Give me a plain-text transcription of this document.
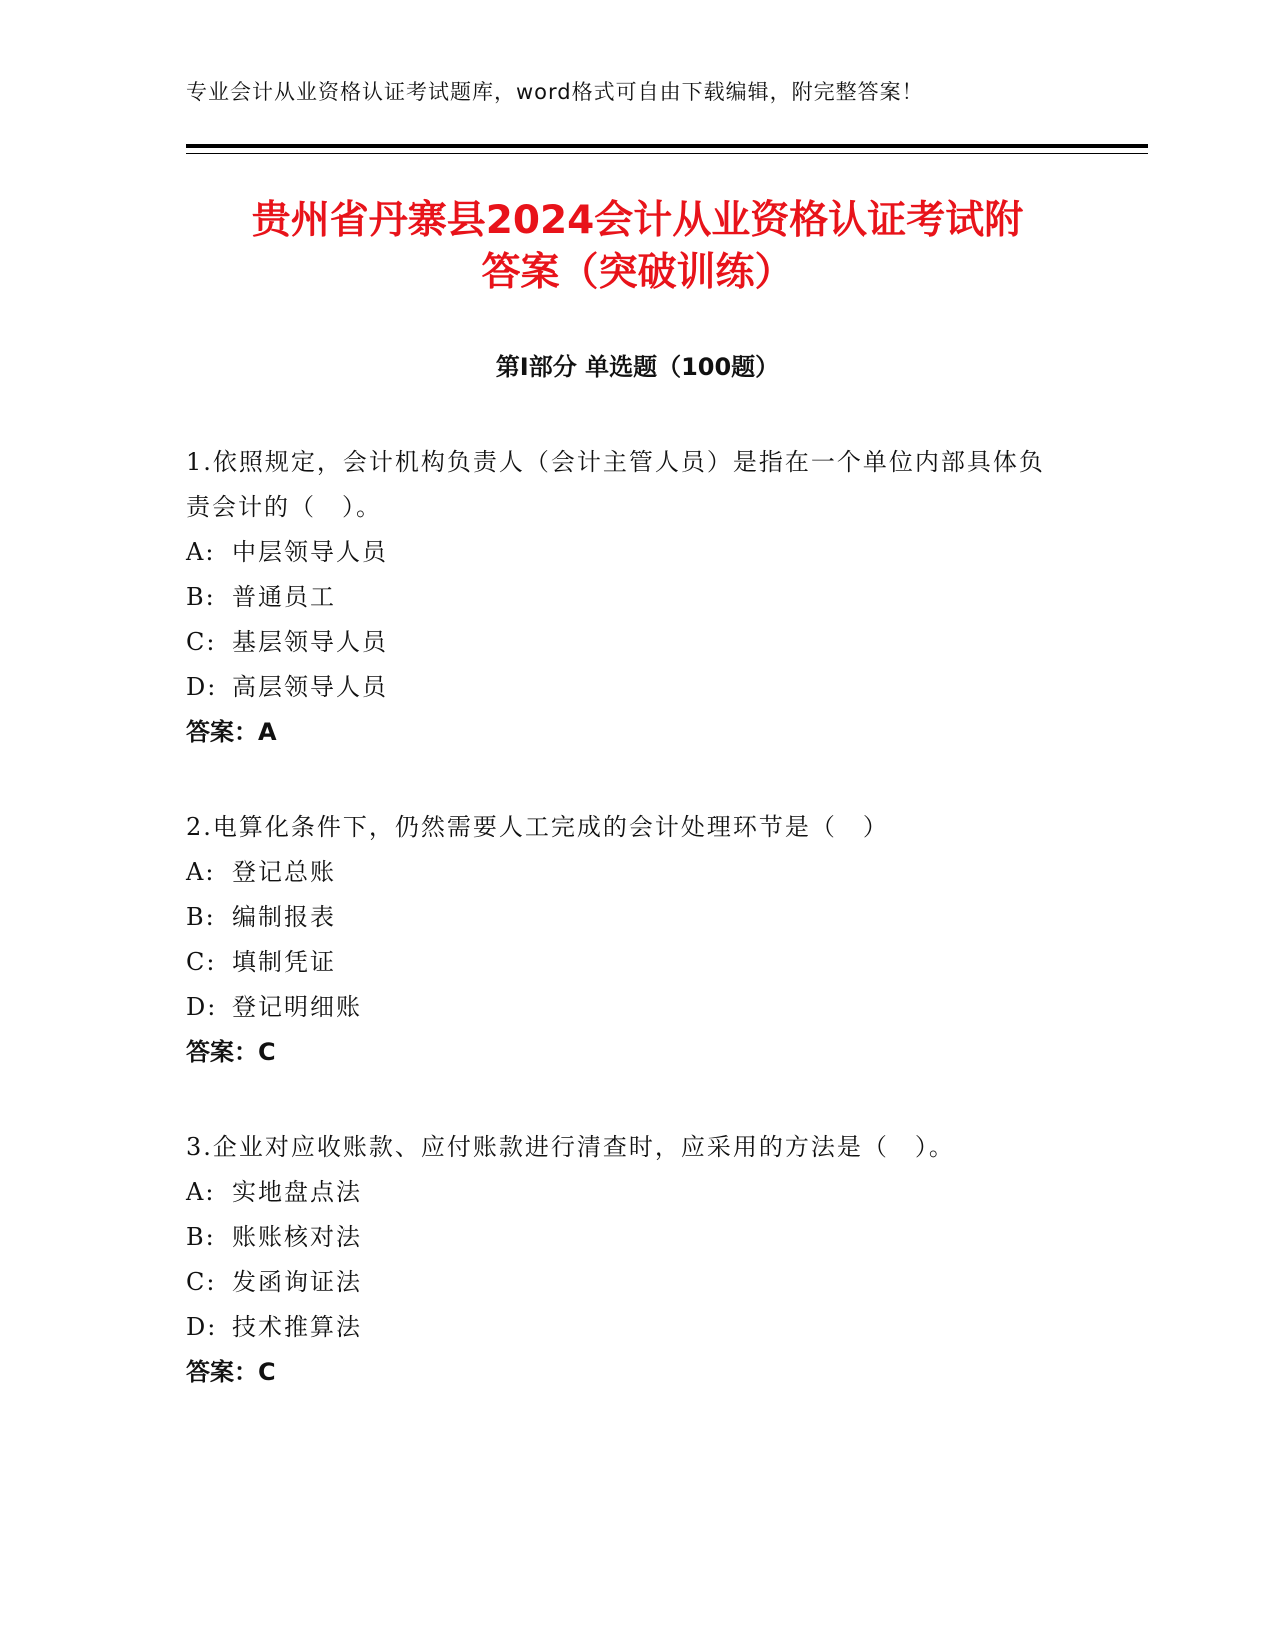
专业会计从业资格认证考试题库，word格式可自由下载编辑，附完整答案！
贵州省丹寨县2024会计从业资格认证考试附
答案（突破训练）
第Ⅰ部分 单选题（100题）
1.依照规定，会计机构负责人（会计主管人员）是指在一个单位内部具体负责会计的（　）。
A: 中层领导人员
B: 普通员工
C: 基层领导人员
D: 高层领导人员
答案：A
2.电算化条件下，仍然需要人工完成的会计处理环节是（　）
A: 登记总账
B: 编制报表
C: 填制凭证
D: 登记明细账
答案：C
3.企业对应收账款、应付账款进行清查时，应采用的方法是（　）。
A: 实地盘点法
B: 账账核对法
C: 发函询证法
D: 技术推算法
答案：C
